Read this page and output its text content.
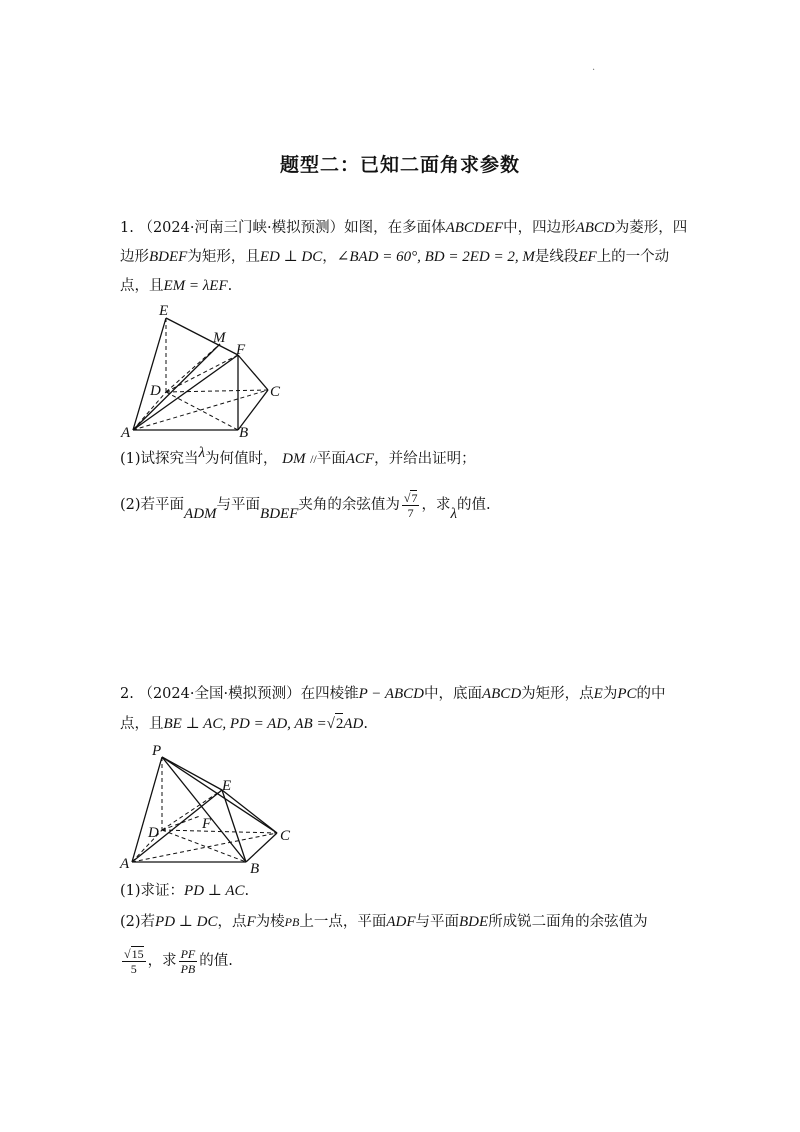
.
题型二：已知二面角求参数
1. （2024·河南三门峡·模拟预测）如图，在多面体ABCDEF中，四边形ABCD为菱形，四
边形BDEF为矩形，且ED ⊥ DC，∠BAD = 60°, BD = 2ED = 2, M是线段EF上的一个动
点，且EM = λEF.
E
M
F
D	C
A	B
(1)试探究当λ为何值时， DM //平面ACF，并给出证明；
(2)若平面ADM与平面BDEF夹角的余弦值为 $\frac{√7}{7}$ ，求λ的值.
2. （2024·全国·模拟预测）在四棱锥P − ABCD中，底面ABCD为矩形，点E为PC的中
点，且BE ⊥ AC, PD = AD, AB =√2AD.
P
E
F
D	C
A	B
(1)求证：PD ⊥ AC.
(2)若PD ⊥ DC，点F为棱PB上一点，平面ADF与平面BDE所成锐二面角的余弦值为
$\frac{√15}{5}$ ，求 $\frac{PF}{PB}$ 的值.
